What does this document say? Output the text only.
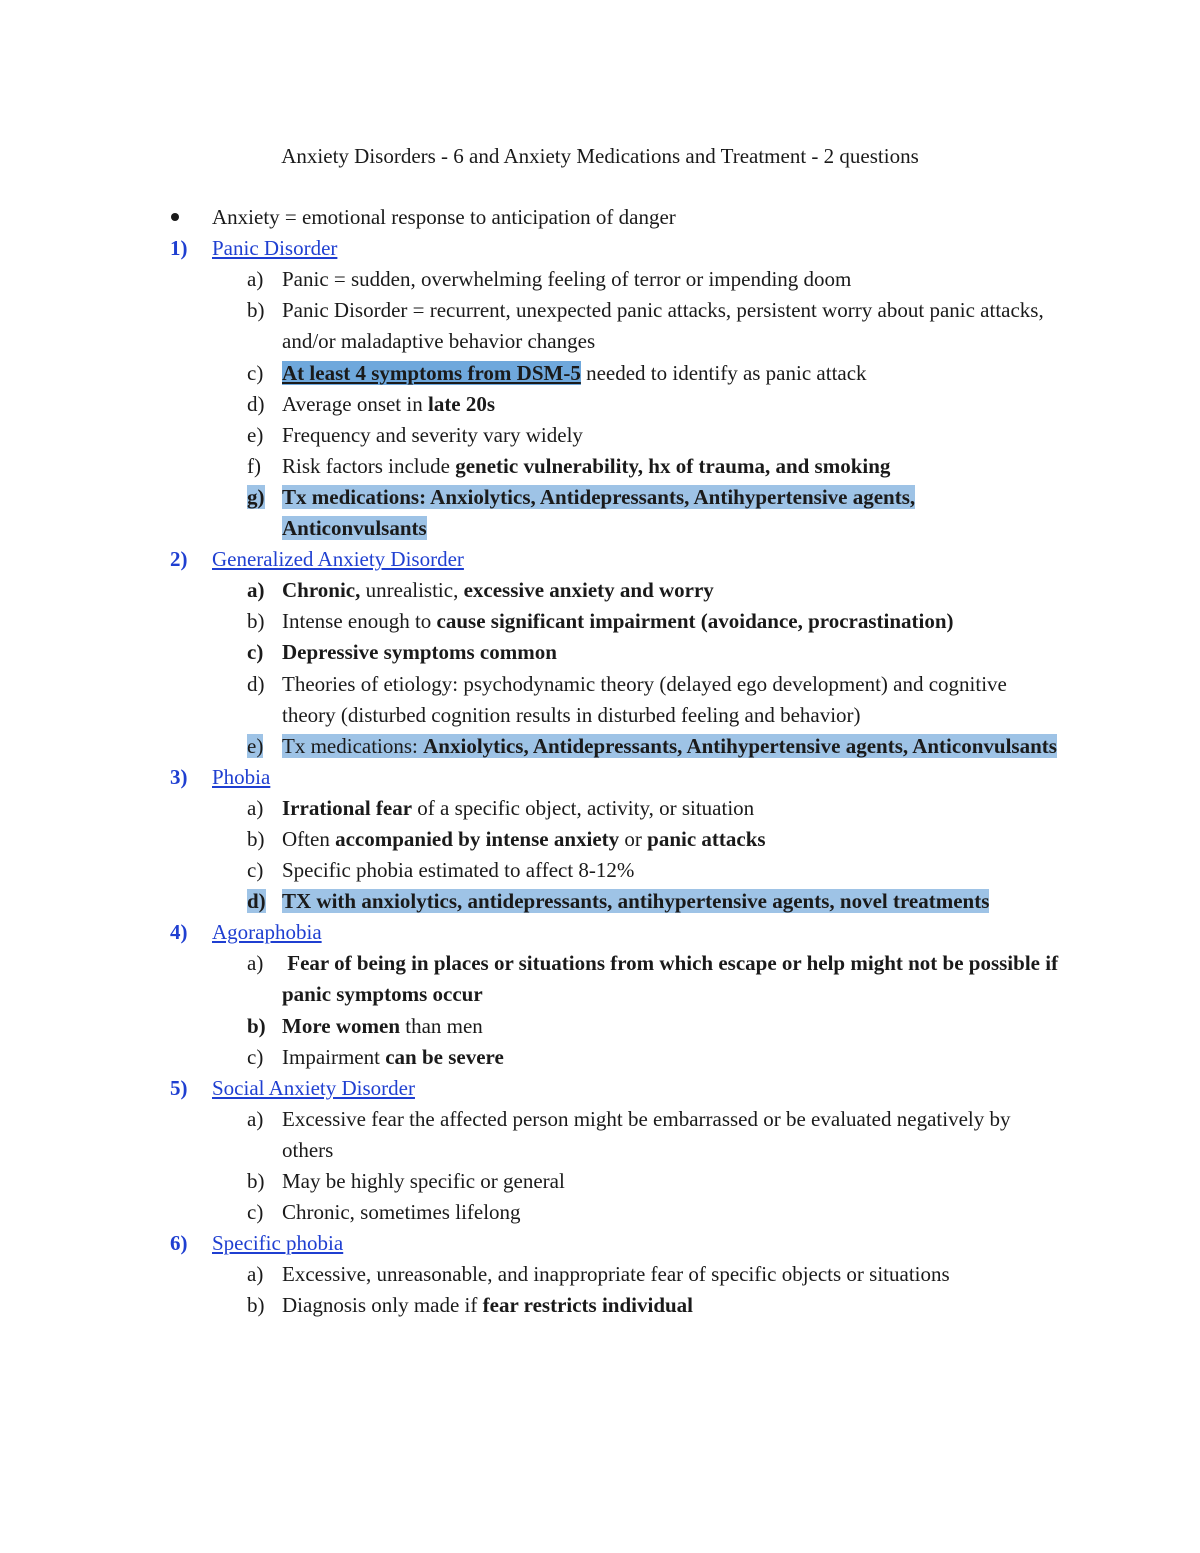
Anxiety Disorders - 6 and Anxiety Medications and Treatment - 2 questions
Anxiety = emotional response to anticipation of danger
1)	Panic Disorder
a) Panic = sudden, overwhelming feeling of terror or impending doom
b) Panic Disorder = recurrent, unexpected panic attacks, persistent worry about panic attacks, and/or maladaptive behavior changes
c) At least 4 symptoms from DSM-5 needed to identify as panic attack
d) Average onset in late 20s
e) Frequency and severity vary widely
f)	Risk factors include genetic vulnerability, hx of trauma, and smoking
g) Tx medications: Anxiolytics, Antidepressants, Antihypertensive agents, Anticonvulsants
2)	Generalized Anxiety Disorder
a) Chronic, unrealistic, excessive anxiety and worry
b) Intense enough to cause significant impairment (avoidance, procrastination)
c) Depressive symptoms common
d) Theories of etiology: psychodynamic theory (delayed ego development) and cognitive theory (disturbed cognition results in disturbed feeling and behavior)
e) Tx medications: Anxiolytics, Antidepressants, Antihypertensive agents, Anticonvulsants
3)	Phobia
a) Irrational fear of a specific object, activity, or situation
b) Often accompanied by intense anxiety or panic attacks
c) Specific phobia estimated to affect 8-12%
d) TX with anxiolytics, antidepressants, antihypertensive agents, novel treatments
4)	Agoraphobia
a) Fear of being in places or situations from which escape or help might not be possible if panic symptoms occur
b) More women than men
c) Impairment can be severe
5)	Social Anxiety Disorder
a) Excessive fear the affected person might be embarrassed or be evaluated negatively by others
b) May be highly specific or general
c) Chronic, sometimes lifelong
6)	Specific phobia
a) Excessive, unreasonable, and inappropriate fear of specific objects or situations
b) Diagnosis only made if fear restricts individual
